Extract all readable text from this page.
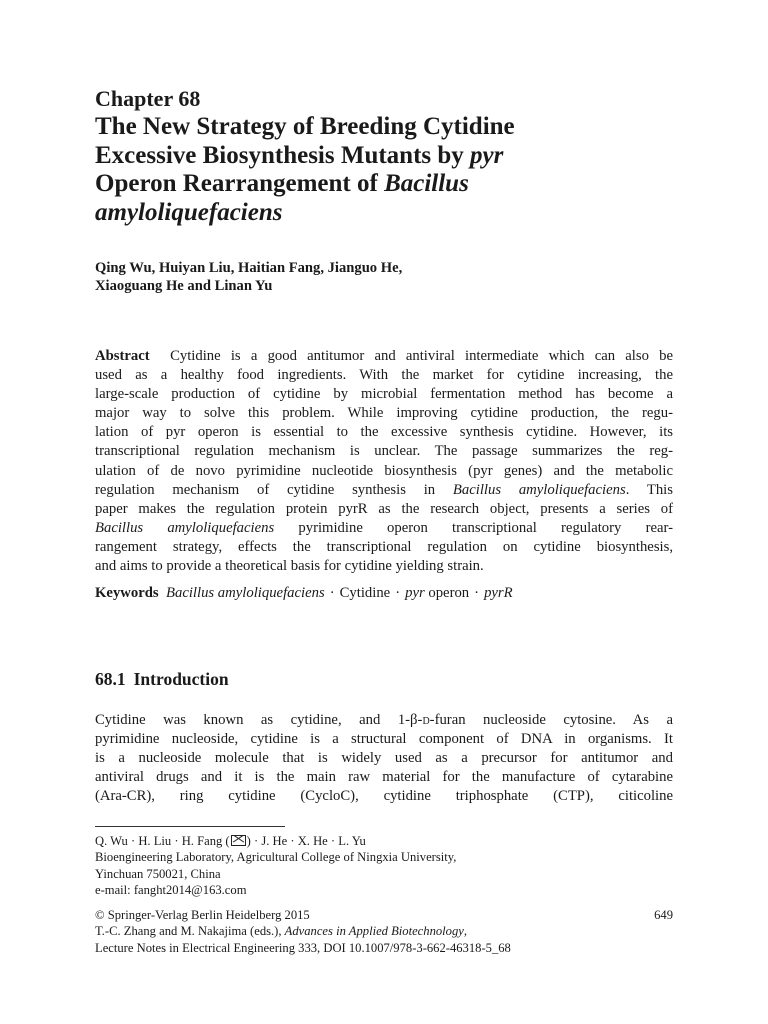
Chapter 68
The New Strategy of Breeding Cytidine
Excessive Biosynthesis Mutants by pyr
Operon Rearrangement of Bacillus
amyloliquefaciens
Qing Wu, Huiyan Liu, Haitian Fang, Jianguo He,
Xiaoguang He and Linan Yu
Abstract Cytidine is a good antitumor and antiviral intermediate which can also be
used as a healthy food ingredients. With the market for cytidine increasing, the
large-scale production of cytidine by microbial fermentation method has become a
major way to solve this problem. While improving cytidine production, the regu-
lation of pyr operon is essential to the excessive synthesis cytidine. However, its
transcriptional regulation mechanism is unclear. The passage summarizes the reg-
ulation of de novo pyrimidine nucleotide biosynthesis (pyr genes) and the metabolic
regulation mechanism of cytidine synthesis in Bacillus amyloliquefaciens. This
paper makes the regulation protein pyrR as the research object, presents a series of
Bacillus amyloliquefaciens pyrimidine operon transcriptional regulatory rear-
rangement strategy, effects the transcriptional regulation on cytidine biosynthesis,
and aims to provide a theoretical basis for cytidine yielding strain.
Keywords Bacillus amyloliquefaciens · Cytidine · pyr operon · pyrR
68.1 Introduction
Cytidine was known as cytidine, and 1-β-d-furan nucleoside cytosine. As a
pyrimidine nucleoside, cytidine is a structural component of DNA in organisms. It
is a nucleoside molecule that is widely used as a precursor for antitumor and
antiviral drugs and it is the main raw material for the manufacture of cytarabine
(Ara-CR), ring cytidine (CycloC), cytidine triphosphate (CTP), citicoline
Q. Wu · H. Liu · H. Fang ( ) · J. He · X. He · L. Yu
Bioengineering Laboratory, Agricultural College of Ningxia University,
Yinchuan 750021, China
e-mail: fanght2014@163.com
© Springer-Verlag Berlin Heidelberg 2015
T.-C. Zhang and M. Nakajima (eds.), Advances in Applied Biotechnology,
Lecture Notes in Electrical Engineering 333, DOI 10.1007/978-3-662-46318-5_68
649
